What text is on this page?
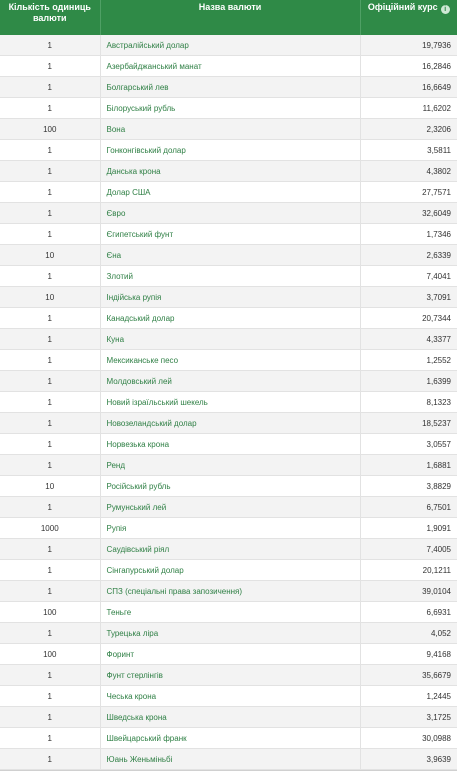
Кількість одиниць валюти	Назва валюти	Офіційний курс i
1	Австралійський долар	19,7936
1	Азербайджанський манат	16,2846
1	Болгарський лев	16,6649
1	Білоруський рубль	11,6202
100	Вона	2,3206
1	Гонконгівський долар	3,5811
1	Данська крона	4,3802
1	Долар США	27,7571
1	Євро	32,6049
1	Єгипетський фунт	1,7346
10	Єна	2,6339
1	Злотий	7,4041
10	Індійська рупія	3,7091
1	Канадський долар	20,7344
1	Куна	4,3377
1	Мексиканське песо	1,2552
1	Молдовський лей	1,6399
1	Новий ізраїльський шекель	8,1323
1	Новозеландський долар	18,5237
1	Норвезька крона	3,0557
1	Ренд	1,6881
10	Російський рубль	3,8829
1	Румунський лей	6,7501
1000	Рупія	1,9091
1	Саудівський ріял	7,4005
1	Сінгапурський долар	20,1211
1	СПЗ (спеціальні права запозичення)	39,0104
100	Теньге	6,6931
1	Турецька ліра	4,052
100	Форинт	9,4168
1	Фунт стерлінгів	35,6679
1	Чеська крона	1,2445
1	Шведська крона	3,1725
1	Швейцарський франк	30,0988
1	Юань Женьміньбі	3,9639
